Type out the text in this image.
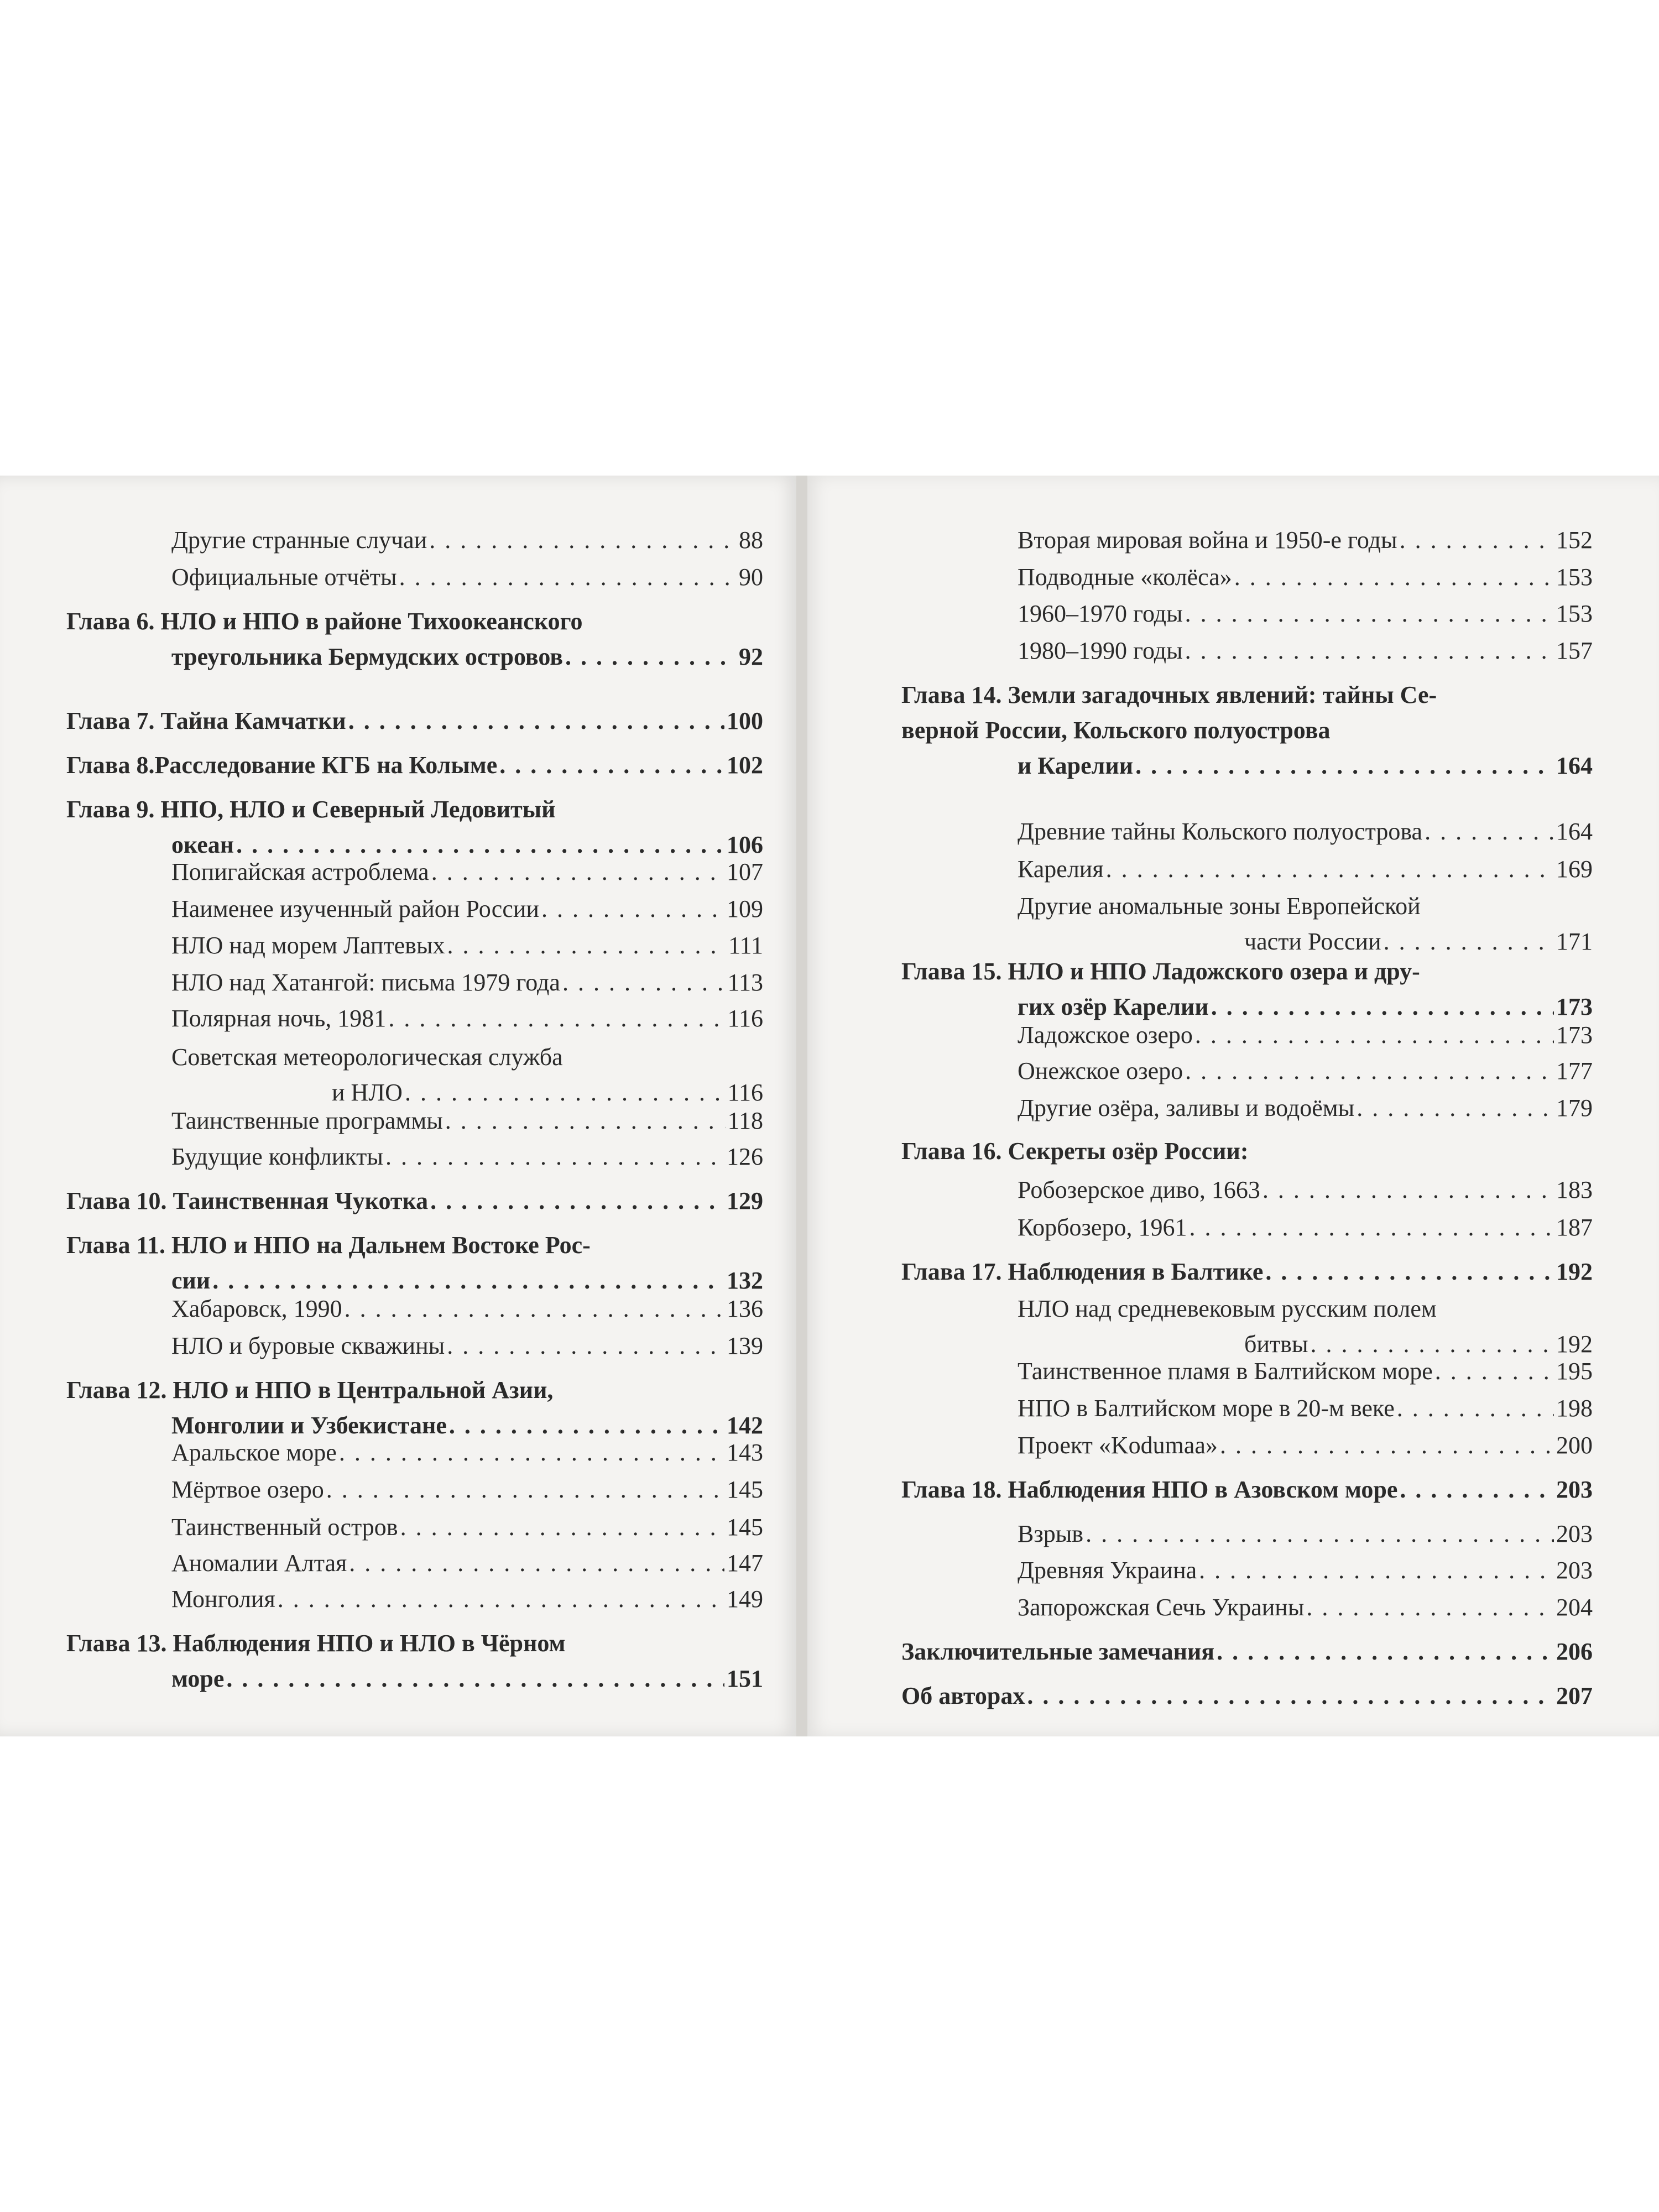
Другие странные случаи . . .	88
Официальные отчёты . . .	90
Глава 6. НЛО и НПО в районе Тихоокеанского
треугольника Бермудских островов . . .	92
Глава 7. Тайна Камчатки . . .	100
Глава 8.Расследование КГБ на Колыме . . .	102
Глава 9. НПО, НЛО и Северный Ледовитый
океан . . .	106
Попигайская астроблема . . .	107
Наименее изученный район России . . .	109
НЛО над морем Лаптевых . . .	111
НЛО над Хатангой: письма 1979 года . . .	113
Полярная ночь, 1981 . . .	116
Советская метеорологическая служба
и НЛО . . .	116
Таинственные программы . . .	118
Будущие конфликты . . .	126
Глава 10. Таинственная Чукотка . . .	129
Глава 11. НЛО и НПО на Дальнем Востоке Рос-
сии . . .	132
Хабаровск, 1990 . . .	136
НЛО и буровые скважины . . .	139
Глава 12. НЛО и НПО в Центральной Азии,
Монголии и Узбекистане . . .	142
Аральское море . . .	143
Мёртвое озеро . . .	145
Таинственный остров . . .	145
Аномалии Алтая . . .	147
Монголия . . .	149
Глава 13. Наблюдения НПО и НЛО в Чёрном
море . . .	151
Вторая мировая война и 1950-е годы . . .	152
Подводные «колёса» . . .	153
1960–1970 годы . . .	153
1980–1990 годы . . .	157
Глава 14. Земли загадочных явлений: тайны Се-
верной России, Кольского полуострова
и Карелии . . .	164
Древние тайны Кольского полуострова . . .	164
Карелия . . .	169
Другие аномальные зоны Европейской
части России . . .	171
Глава 15. НЛО и НПО Ладожского озера и дру-
гих озёр Карелии . . .	173
Ладожское озеро . . .	173
Онежское озеро . . .	177
Другие озёра, заливы и водоёмы . . .	179
Глава 16. Секреты озёр России:
Робозерское диво, 1663 . . .	183
Корбозеро, 1961 . . .	187
Глава 17. Наблюдения в Балтике . . .	192
НЛО над средневековым русским полем
битвы . . .	192
Таинственное пламя в Балтийском море . . .	195
НПО в Балтийском море в 20-м веке . . .	198
Проект «Kodumaa» . . .	200
Глава 18. Наблюдения НПО в Азовском море . . .	203
Взрыв . . .	203
Древняя Украина . . .	203
Запорожская Сечь Украины . . .	204
Заключительные замечания . . .	206
Об авторах . . .	207
